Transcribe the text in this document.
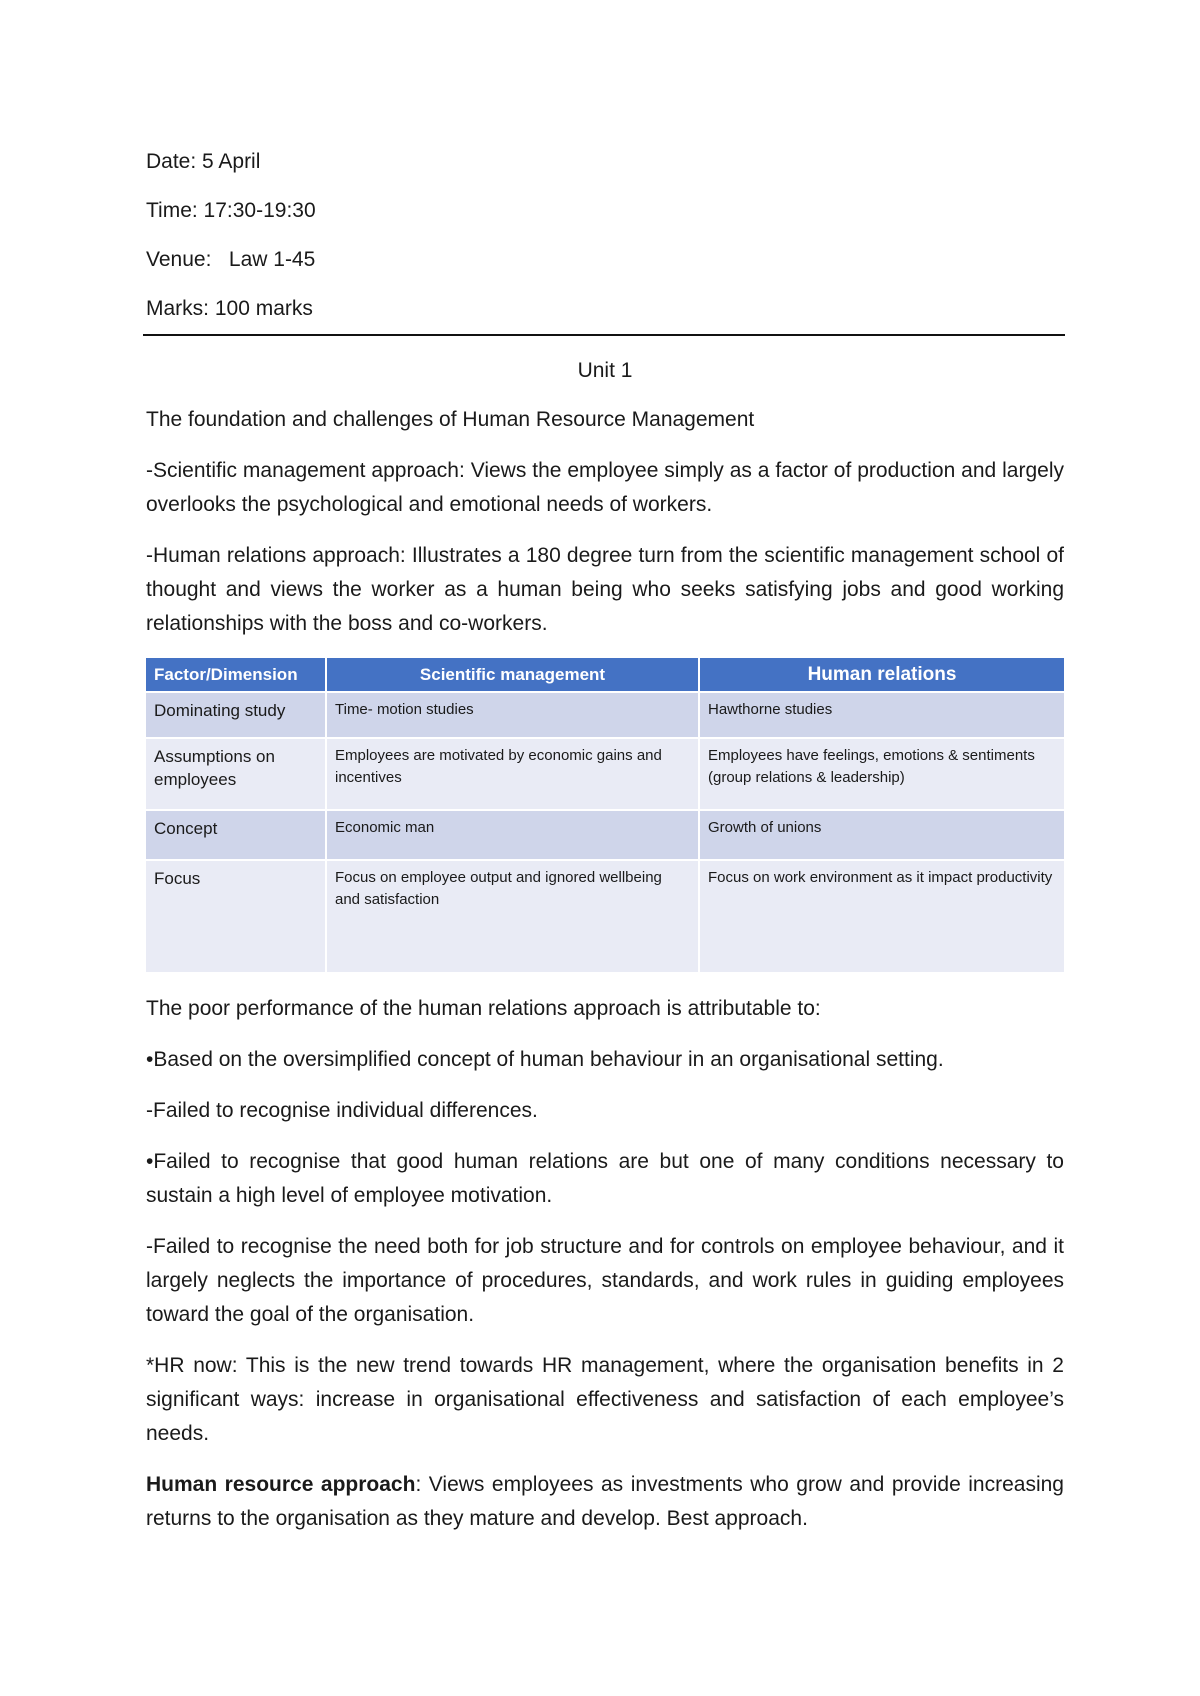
Date: 5 April
Time: 17:30-19:30
Venue:   Law 1-45
Marks: 100 marks

Unit 1

The foundation and challenges of Human Resource Management

-Scientific management approach: Views the employee simply as a factor of production and largely overlooks the psychological and emotional needs of workers.

-Human relations approach: Illustrates a 180 degree turn from the scientific management school of thought and views the worker as a human being who seeks satisfying jobs and good working relationships with the boss and co-workers.

Factor/Dimension	Scientific management	Human relations
Dominating study	Time- motion studies	Hawthorne studies
Assumptions on employees	Employees are motivated by economic gains and incentives	Employees have feelings, emotions & sentiments (group relations & leadership)
Concept	Economic man	Growth of unions
Focus	Focus on employee output and ignored wellbeing and satisfaction	Focus on work environment as it impact productivity

The poor performance of the human relations approach is attributable to:

•Based on the oversimplified concept of human behaviour in an organisational setting.

-Failed to recognise individual differences.

•Failed to recognise that good human relations are but one of many conditions necessary to sustain a high level of employee motivation.

-Failed to recognise the need both for job structure and for controls on employee behaviour, and it largely neglects the importance of procedures, standards, and work rules in guiding employees toward the goal of the organisation.

*HR now: This is the new trend towards HR management, where the organisation benefits in 2 significant ways: increase in organisational effectiveness and satisfaction of each employee’s needs.

Human resource approach: Views employees as investments who grow and provide increasing returns to the organisation as they mature and develop. Best approach.
